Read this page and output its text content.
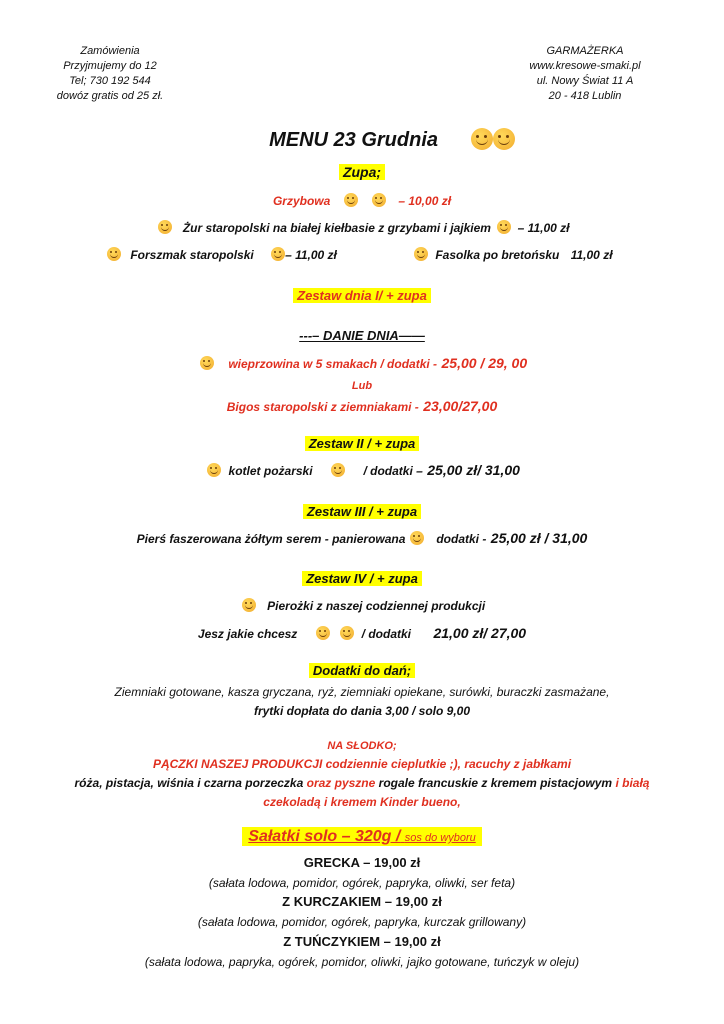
Zamówienia
Przyjmujemy do 12
Tel; 730 192 544
dowóz gratis od 25 zł.
GARMAŻERKA
www.kresowe-smaki.pl
ul. Nowy Świat 11 A
20 - 418 Lublin
MENU 23 Grudnia
Zupa;
Grzybowa	– 10,00 zł
Żur staropolski na białej kiełbasie z grzybami i jajkiem – 11,00 zł
Forszmak staropolski	– 11,00 zł	Fasolka po bretońsku 11,00 zł
Zestaw dnia I/ + zupa
---– DANIE DNIA——
wieprzowina w 5 smakach / dodatki - 25,00 / 29, 00
Lub
Bigos staropolski z ziemniakami - 23,00/27,00
Zestaw II / + zupa
kotlet pożarski	/ dodatki – 25,00 zł/ 31,00
Zestaw III / + zupa
Pierś faszerowana żółtym serem - panierowana	dodatki - 25,00 zł / 31,00
Zestaw IV / + zupa
Pierożki z naszej codziennej produkcji
Jesz jakie chcesz	/ dodatki 21,00 zł/ 27,00
Dodatki do dań;
Ziemniaki gotowane, kasza gryczana, ryż, ziemniaki opiekane, surówki, buraczki zasmażane,
frytki dopłata do dania 3,00 / solo 9,00
NA SŁODKO;
PĄCZKI NASZEJ PRODUKCJI codziennie cieplutkie ;), racuchy z jabłkami
róża, pistacja, wiśnia i czarna porzeczka oraz pyszne rogale francuskie z kremem pistacjowym i białą
czekoladą i kremem Kinder bueno,
Sałatki solo – 320g / sos do wyboru
GRECKA – 19,00 zł
(sałata lodowa, pomidor, ogórek, papryka, oliwki, ser feta)
Z KURCZAKIEM – 19,00 zł
(sałata lodowa, pomidor, ogórek, papryka, kurczak grillowany)
Z TUŃCZYKIEM – 19,00 zł
(sałata lodowa, papryka, ogórek, pomidor, oliwki, jajko gotowane, tuńczyk w oleju)
